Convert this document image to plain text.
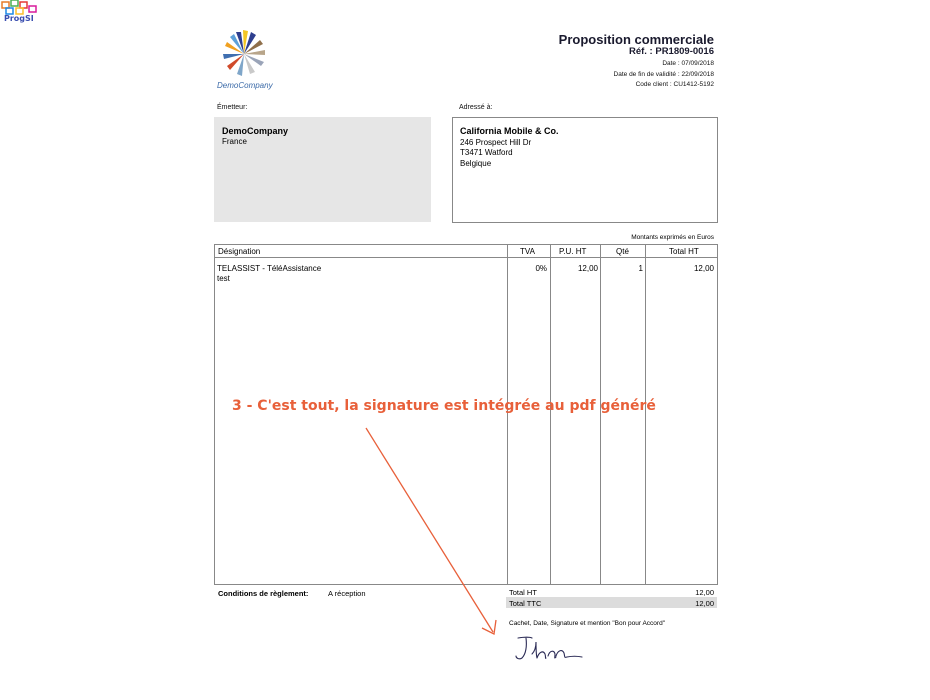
ProgSI
DemoCompany
Proposition commerciale
Réf. : PR1809-0016
Date : 07/09/2018
Date de fin de validité : 22/09/2018
Code client : CU1412-5192
Émetteur:	Adressé à:
DemoCompany
France
California Mobile & Co.
246 Prospect Hill Dr
T3471 Watford
Belgique
Montants exprimés en Euros
Désignation	TVA	P.U. HT	Qté	Total HT
TELASSIST - TéléAssistance
test
0%	12,00	1	12,00
Conditions de règlement:	A réception	Total HT	12,00
Total TTC	12,00
Cachet, Date, Signature et mention "Bon pour Accord"
3 - C'est tout, la signature est intégrée au pdf généré
